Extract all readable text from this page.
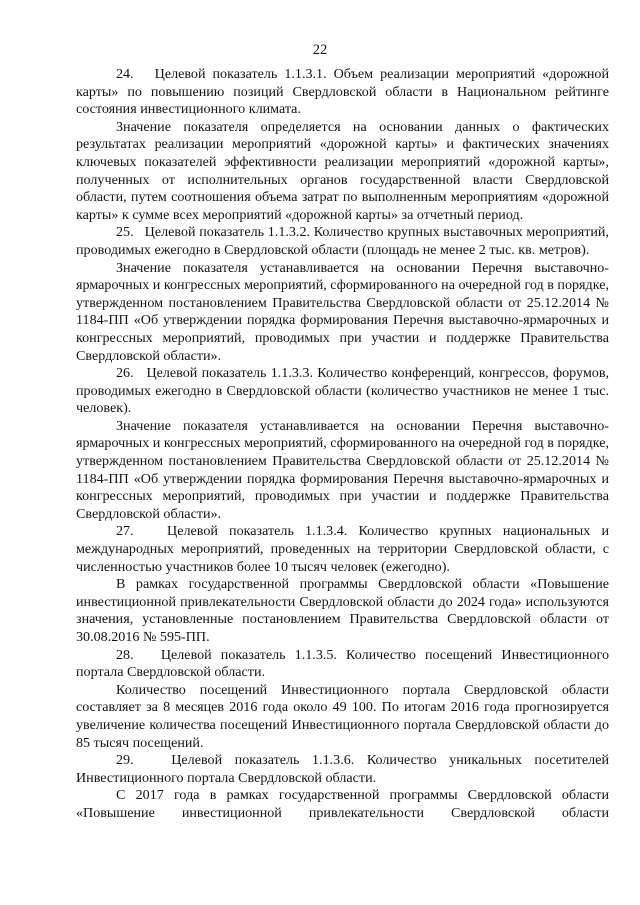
22

24.   Целевой показатель 1.1.3.1. Объем реализации мероприятий «дорожной карты» по повышению позиций Свердловской области в Национальном рейтинге состояния инвестиционного климата.

Значение показателя определяется на основании данных о фактических результатах реализации мероприятий «дорожной карты» и фактических значениях ключевых показателей эффективности реализации мероприятий «дорожной карты», полученных от исполнительных органов государственной власти Свердловской области, путем соотношения объема затрат по выполненным мероприятиям «дорожной карты» к сумме всех мероприятий «дорожной карты» за отчетный период.

25.   Целевой показатель 1.1.3.2. Количество крупных выставочных мероприятий, проводимых ежегодно в Свердловской области (площадь не менее 2 тыс. кв. метров).

Значение показателя устанавливается на основании Перечня выставочно-ярмарочных и конгрессных мероприятий, сформированного на очередной год в порядке, утвержденном постановлением Правительства Свердловской области от 25.12.2014 № 1184-ПП «Об утверждении порядка формирования Перечня выставочно-ярмарочных и конгрессных мероприятий, проводимых при участии и поддержке Правительства Свердловской области».

26.   Целевой показатель 1.1.3.3. Количество конференций, конгрессов, форумов, проводимых ежегодно в Свердловской области (количество участников не менее 1 тыс. человек).

Значение показателя устанавливается на основании Перечня выставочно-ярмарочных и конгрессных мероприятий, сформированного на очередной год в порядке, утвержденном постановлением Правительства Свердловской области от 25.12.2014 № 1184-ПП «Об утверждении порядка формирования Перечня выставочно-ярмарочных и конгрессных мероприятий, проводимых при участии и поддержке Правительства Свердловской области».

27.   Целевой показатель 1.1.3.4. Количество крупных национальных и международных мероприятий, проведенных на территории Свердловской области, с численностью участников более 10 тысяч человек (ежегодно).

В рамках государственной программы Свердловской области «Повышение инвестиционной привлекательности Свердловской области до 2024 года» используются значения, установленные постановлением Правительства Свердловской области от 30.08.2016 № 595-ПП.

28.   Целевой показатель 1.1.3.5. Количество посещений Инвестиционного портала Свердловской области.

Количество посещений Инвестиционного портала Свердловской области составляет за 8 месяцев 2016 года около 49 100. По итогам 2016 года прогнозируется увеличение количества посещений Инвестиционного портала Свердловской области до 85 тысяч посещений.

29.   Целевой показатель 1.1.3.6. Количество уникальных посетителей Инвестиционного портала Свердловской области.

С 2017 года в рамках государственной программы Свердловской области «Повышение инвестиционной привлекательности Свердловской области
